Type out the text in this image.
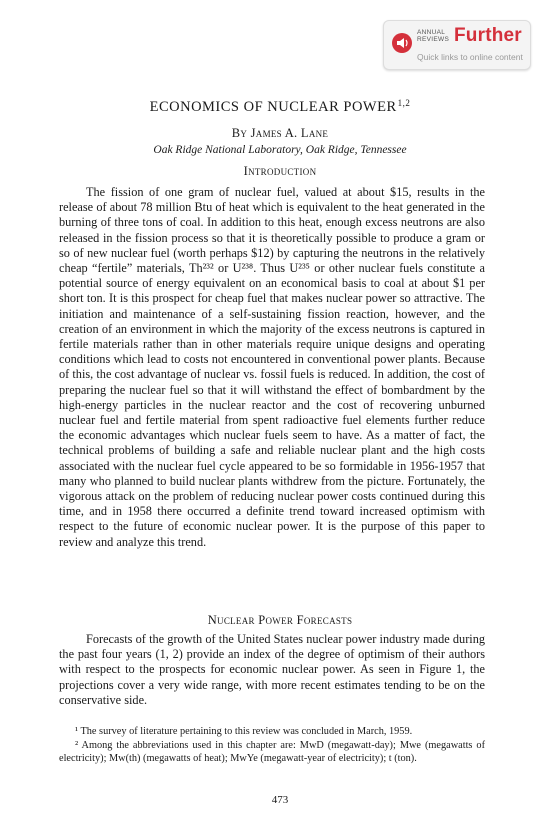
ANNUAL REVIEWS Further
Quick links to online content
ECONOMICS OF NUCLEAR POWER$^{1,2}$
By James A. Lane
Oak Ridge National Laboratory, Oak Ridge, Tennessee
Introduction

The fission of one gram of nuclear fuel, valued at about $15, results in the release of about 78 million Btu of heat which is equivalent to the heat generated in the burning of three tons of coal. In addition to this heat, enough excess neutrons are also released in the fission process so that it is theoretically possible to produce a gram or so of new nuclear fuel (worth perhaps $12) by capturing the neutrons in the relatively cheap “fertile” materials, Th²³² or U²³⁸. Thus U²³⁵ or other nuclear fuels constitute a potential source of energy equivalent on an economical basis to coal at about $1 per short ton. It is this prospect for cheap fuel that makes nuclear power so attractive. The initiation and maintenance of a self-sustaining fission reaction, however, and the creation of an environment in which the majority of the excess neutrons is captured in fertile materials rather than in other materials require unique designs and operating conditions which lead to costs not encountered in conventional power plants. Because of this, the cost advantage of nuclear vs. fossil fuels is reduced. In addition, the cost of preparing the nuclear fuel so that it will withstand the effect of bombardment by the high-energy particles in the nuclear reactor and the cost of recovering unburned nuclear fuel and fertile material from spent radioactive fuel elements further reduce the economic advantages which nuclear fuels seem to have. As a matter of fact, the technical problems of building a safe and reliable nuclear plant and the high costs associated with the nuclear fuel cycle appeared to be so formidable in 1956-1957 that many who planned to build nuclear plants withdrew from the picture. Fortunately, the vigorous attack on the problem of reducing nuclear power costs continued during this time, and in 1958 there occurred a definite trend toward increased optimism with respect to the future of economic nuclear power. It is the purpose of this paper to review and analyze this trend.

Nuclear Power Forecasts

Forecasts of the growth of the United States nuclear power industry made during the past four years (1, 2) provide an index of the degree of optimism of their authors with respect to the prospects for economic nuclear power. As seen in Figure 1, the projections cover a very wide range, with more recent estimates tending to be on the conservative side.

¹ The survey of literature pertaining to this review was concluded in March, 1959.

² Among the abbreviations used in this chapter are: MwD (megawatt-day); Mwe (megawatts of electricity); Mw(th) (megawatts of heat); MwYe (megawatt-year of electricity); t (ton).

473
